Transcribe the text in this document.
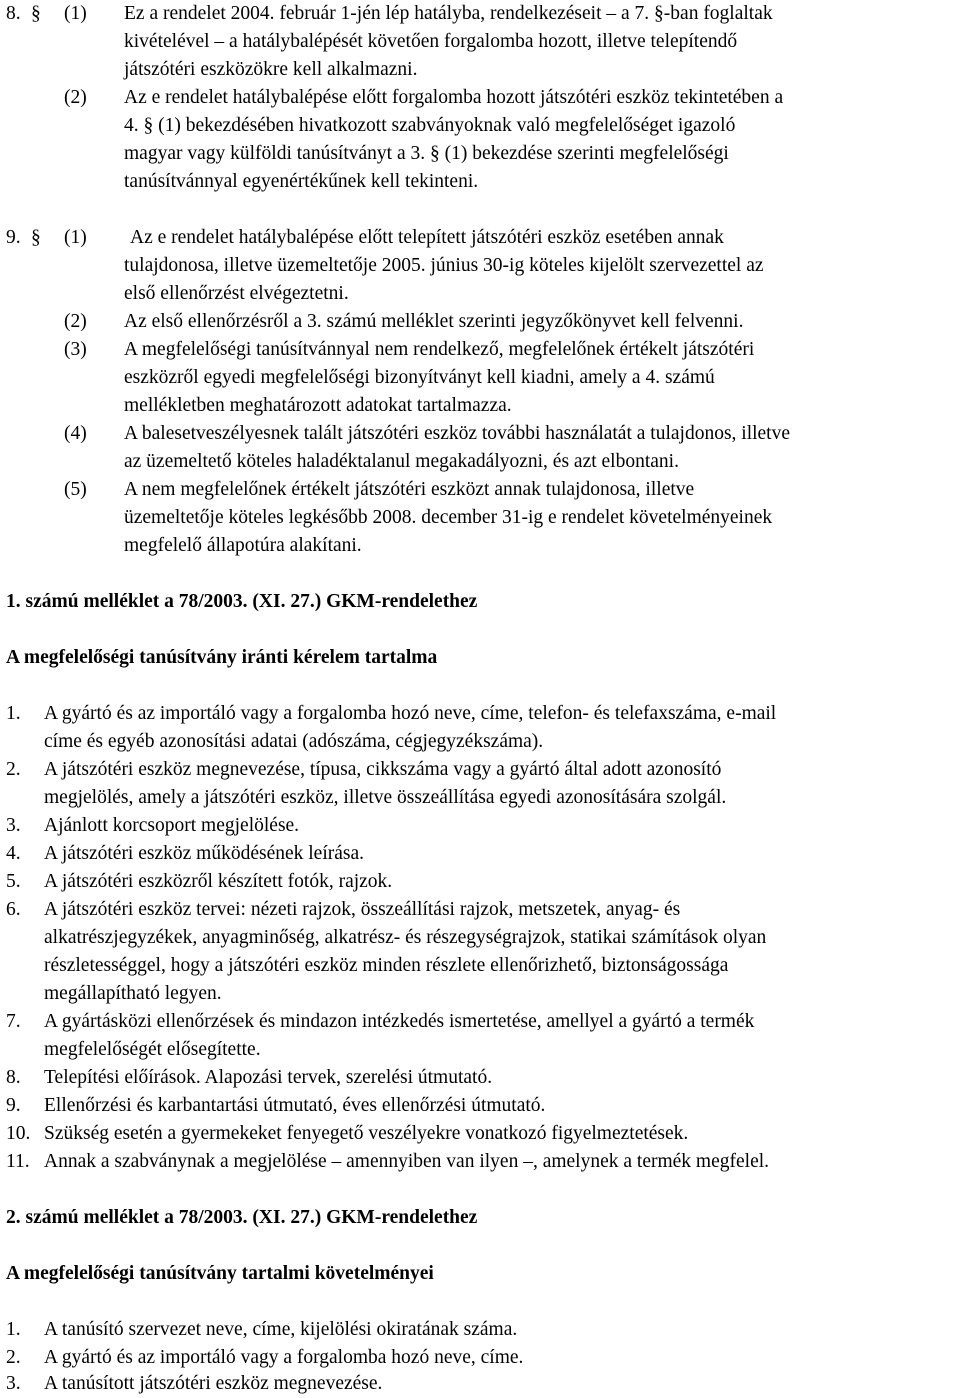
8. § (1) Ez a rendelet 2004. február 1-jén lép hatályba, rendelkezéseit – a 7. §-ban foglaltak
kivételével – a hatálybalépését követően forgalomba hozott, illetve telepítendő
játszótéri eszközökre kell alkalmazni.
(2) Az e rendelet hatálybalépése előtt forgalomba hozott játszótéri eszköz tekintetében a
4. § (1) bekezdésében hivatkozott szabványoknak való megfelelőséget igazoló
magyar vagy külföldi tanúsítványt a 3. § (1) bekezdése szerinti megfelelőségi
tanúsítvánnyal egyenértékűnek kell tekinteni.
9. § (1) Az e rendelet hatálybalépése előtt telepített játszótéri eszköz esetében annak
tulajdonosa, illetve üzemeltetője 2005. június 30-ig köteles kijelölt szervezettel az
első ellenőrzést elvégeztetni.
(2) Az első ellenőrzésről a 3. számú melléklet szerinti jegyzőkönyvet kell felvenni.
(3) A megfelelőségi tanúsítvánnyal nem rendelkező, megfelelőnek értékelt játszótéri
eszközről egyedi megfelelőségi bizonyítványt kell kiadni, amely a 4. számú
mellékletben meghatározott adatokat tartalmazza.
(4) A balesetveszélyesnek talált játszótéri eszköz további használatát a tulajdonos, illetve
az üzemeltető köteles haladéktalanul megakadályozni, és azt elbontani.
(5) A nem megfelelőnek értékelt játszótéri eszközt annak tulajdonosa, illetve
üzemeltetője köteles legkésőbb 2008. december 31-ig e rendelet követelményeinek
megfelelő állapotúra alakítani.
1. számú melléklet a 78/2003. (XI. 27.) GKM-rendelethez
A megfelelőségi tanúsítvány iránti kérelem tartalma
1. A gyártó és az importáló vagy a forgalomba hozó neve, címe, telefon- és telefaxszáma, e-mail
címe és egyéb azonosítási adatai (adószáma, cégjegyzékszáma).
2. A játszótéri eszköz megnevezése, típusa, cikkszáma vagy a gyártó által adott azonosító
megjelölés, amely a játszótéri eszköz, illetve összeállítása egyedi azonosítására szolgál.
3. Ajánlott korcsoport megjelölése.
4. A játszótéri eszköz működésének leírása.
5. A játszótéri eszközről készített fotók, rajzok.
6. A játszótéri eszköz tervei: nézeti rajzok, összeállítási rajzok, metszetek, anyag- és
alkatrészjegyzékek, anyagminőség, alkatrész- és részegységrajzok, statikai számítások olyan
részletességgel, hogy a játszótéri eszköz minden részlete ellenőrizhető, biztonságossága
megállapítható legyen.
7. A gyártásközi ellenőrzések és mindazon intézkedés ismertetése, amellyel a gyártó a termék
megfelelőségét elősegítette.
8. Telepítési előírások. Alapozási tervek, szerelési útmutató.
9. Ellenőrzési és karbantartási útmutató, éves ellenőrzési útmutató.
10. Szükség esetén a gyermekeket fenyegető veszélyekre vonatkozó figyelmeztetések.
11. Annak a szabványnak a megjelölése – amennyiben van ilyen –, amelynek a termék megfelel.
2. számú melléklet a 78/2003. (XI. 27.) GKM-rendelethez
A megfelelőségi tanúsítvány tartalmi követelményei
1. A tanúsító szervezet neve, címe, kijelölési okiratának száma.
2. A gyártó és az importáló vagy a forgalomba hozó neve, címe.
3. A tanúsított játszótéri eszköz megnevezése.
